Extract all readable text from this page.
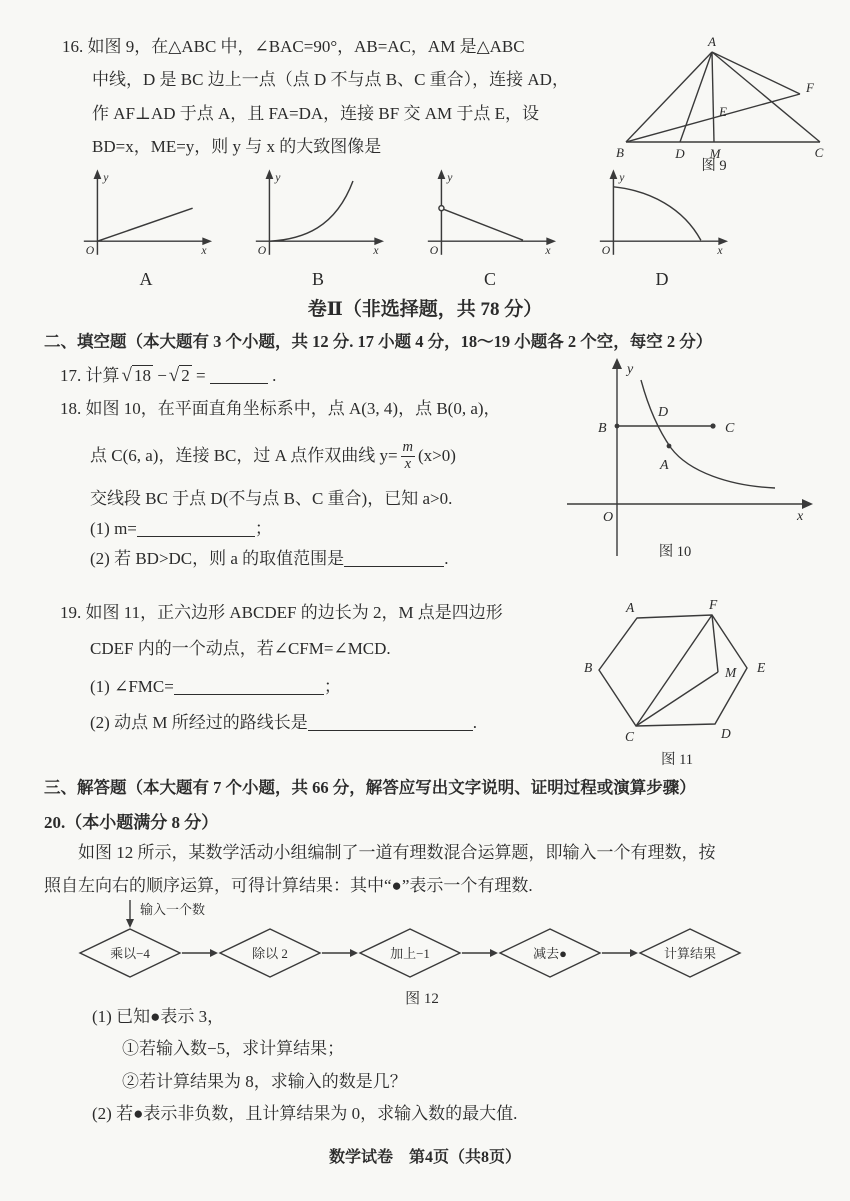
16. 如图 9，在△ABC 中，∠BAC=90°，AB=AC，AM 是△ABC
中线，D 是 BC 边上一点（点 D 不与点 B、C 重合），连接 AD，
作 AF⊥AD 于点 A，且 FA=DA，连接 BF 交 AM 于点 E，设
BD=x，ME=y，则 y 与 x 的大致图像是
A
B	D M	C
F
E
图 9
y
x
O
A
y
x
O
B
y
x
O
C
y
x
O
D
卷Ⅱ（非选择题，共 78 分）
二、填空题（本大题有 3 个小题，共 12 分. 17 小题 4 分，18～19 小题各 2 个空，每空 2 分）
17. 计算 √ 18 − √ 2 =	.
18. 如图 10，在平面直角坐标系中，点 A(3, 4)，点 B(0, a)，
点 C(6, a)，连接 BC，过 A 点作双曲线 $y= \frac{m}{x} (x>0)$
交线段 BC 于点 D(不与点 B、C 重合)，已知 a>0.
(1) m=	；
(2) 若 BD>DC，则 a 的取值范围是	.
y
x
O
B	C
D
A
图 10
19. 如图 11，正六边形 ABCDEF 的边长为 2，M 点是四边形
CDEF 内的一个动点，若∠CFM=∠MCD.
(1) ∠FMC=	；
(2) 动点 M 所经过的路线长是	.
A	F
B	E
C	D
M
图 11
三、解答题（本大题有 7 个小题，共 66 分，解答应写出文字说明、证明过程或演算步骤）
20.（本小题满分 8 分）
如图 12 所示，某数学活动小组编制了一道有理数混合运算题，即输入一个有理数，按
照自左向右的顺序运算，可得计算结果：其中“●”表示一个有理数.
乘以−4	除以 2	加上−1	减去●	计算结果
输入一个数
图 12
(1) 已知●表示 3，
①若输入数−5，求计算结果；
②若计算结果为 8，求输入的数是几？
(2) 若●表示非负数，且计算结果为 0，求输入数的最大值.
数学试卷　第4页（共8页）
